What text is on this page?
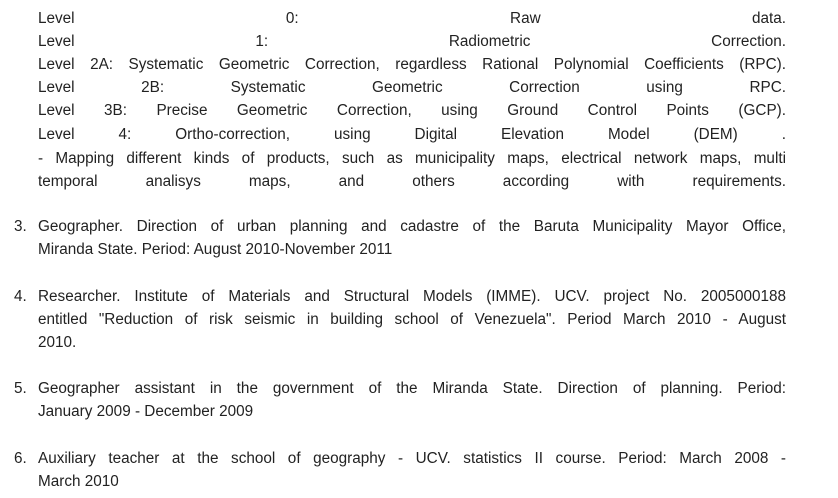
Level 0: Raw data.
Level 1: Radiometric Correction.
Level 2A: Systematic Geometric Correction, regardless Rational Polynomial Coefficients (RPC).
Level 2B: Systematic Geometric Correction using RPC.
Level 3B: Precise Geometric Correction, using Ground Control Points (GCP).
Level 4: Ortho-correction, using Digital Elevation Model (DEM) .
- Mapping different kinds of products, such as municipality maps, electrical network maps, multi
temporal analisys maps, and others according with requirements.
3. Geographer. Direction of urban planning and cadastre of the Baruta Municipality Mayor Office,
Miranda State. Period: August 2010-November 2011
4. Researcher. Institute of Materials and Structural Models (IMME). UCV. project No. 2005000188
entitled "Reduction of risk seismic in building school of Venezuela". Period March 2010 - August
2010.
5. Geographer assistant in the government of the Miranda State. Direction of planning. Period:
January 2009 - December 2009
6. Auxiliary teacher at the school of geography - UCV. statistics II course. Period: March 2008 -
March 2010
